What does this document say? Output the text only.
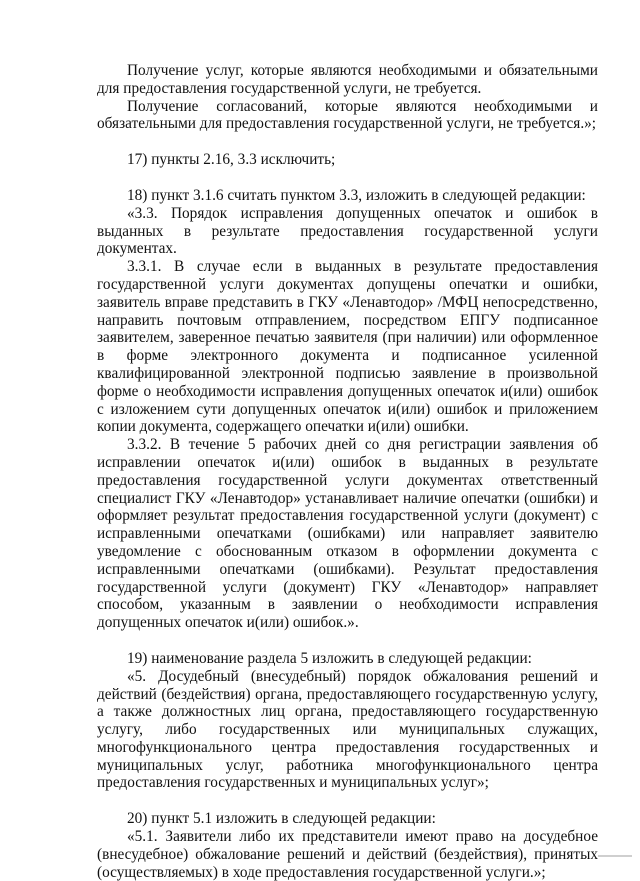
Получение услуг, которые являются необходимыми и обязательными для предоставления государственной услуги, не требуется.

Получение согласований, которые являются необходимыми и обязательными для предоставления государственной услуги, не требуется.»;

17) пункты 2.16, 3.3 исключить;

18) пункт 3.1.6 считать пунктом 3.3, изложить в следующей редакции:

«3.3. Порядок исправления допущенных опечаток и ошибок в выданных в результате предоставления государственной услуги документах.

3.3.1. В случае если в выданных в результате предоставления государственной услуги документах допущены опечатки и ошибки, заявитель вправе представить в ГКУ «Ленавтодор» /МФЦ непосредственно, направить почтовым отправлением, посредством ЕПГУ подписанное заявителем, заверенное печатью заявителя (при наличии) или оформленное в форме электронного документа и подписанное усиленной квалифицированной электронной подписью заявление в произвольной форме о необходимости исправления допущенных опечаток и(или) ошибок с изложением сути допущенных опечаток и(или) ошибок и приложением копии документа, содержащего опечатки и(или) ошибки.

3.3.2. В течение 5 рабочих дней со дня регистрации заявления об исправлении опечаток и(или) ошибок в выданных в результате предоставления государственной услуги документах ответственный специалист ГКУ «Ленавтодор» устанавливает наличие опечатки (ошибки) и оформляет результат предоставления государственной услуги (документ) с исправленными опечатками (ошибками) или направляет заявителю уведомление с обоснованным отказом в оформлении документа с исправленными опечатками (ошибками). Результат предоставления государственной услуги (документ) ГКУ «Ленавтодор» направляет способом, указанным в заявлении о необходимости исправления допущенных опечаток и(или) ошибок.».

19) наименование раздела 5 изложить в следующей редакции:

«5. Досудебный (внесудебный) порядок обжалования решений и действий (бездействия) органа, предоставляющего государственную услугу, а также должностных лиц органа, предоставляющего государственную услугу, либо государственных или муниципальных служащих, многофункционального центра предоставления государственных и муниципальных услуг, работника многофункционального центра предоставления государственных и муниципальных услуг»;

20) пункт 5.1 изложить в следующей редакции:

«5.1. Заявители либо их представители имеют право на досудебное (внесудебное) обжалование решений и действий (бездействия), принятых (осуществляемых) в ходе предоставления государственной услуги.»;
